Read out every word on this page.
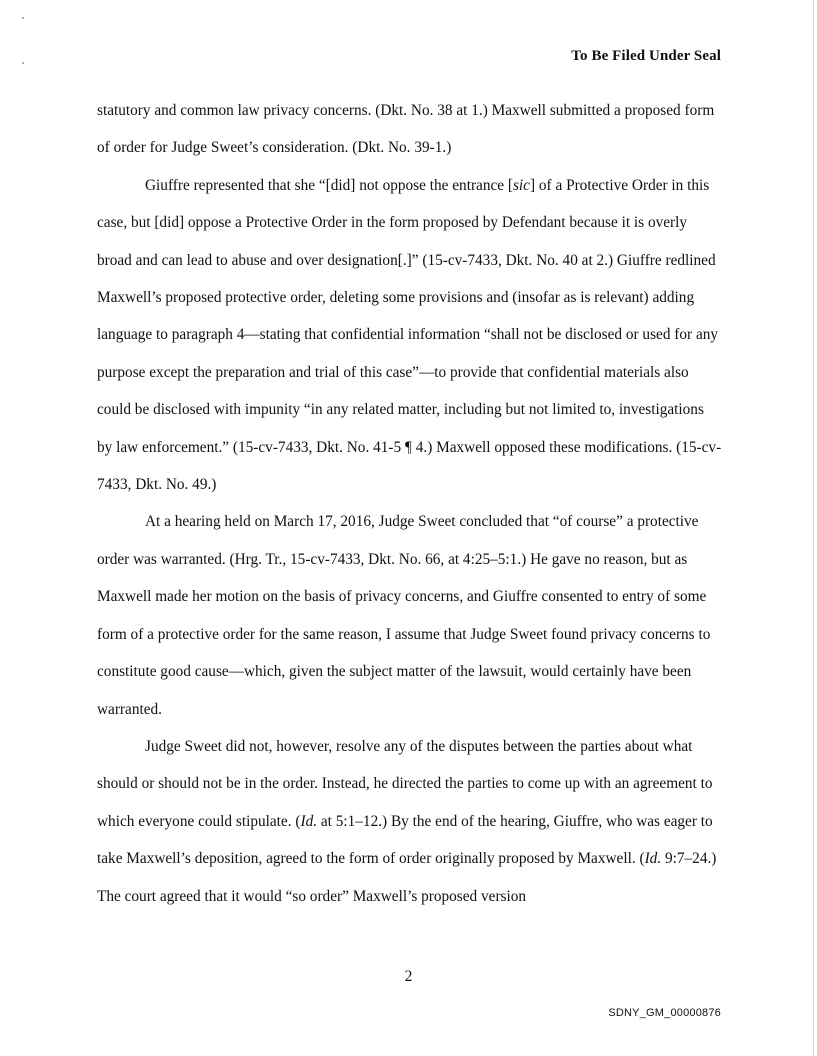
To Be Filed Under Seal

statutory and common law privacy concerns. (Dkt. No. 38 at 1.) Maxwell submitted a proposed form of order for Judge Sweet’s consideration. (Dkt. No. 39-1.)

Giuffre represented that she “[did] not oppose the entrance [sic] of a Protective Order in this case, but [did] oppose a Protective Order in the form proposed by Defendant because it is overly broad and can lead to abuse and over designation[.]” (15-cv-7433, Dkt. No. 40 at 2.) Giuffre redlined Maxwell’s proposed protective order, deleting some provisions and (insofar as is relevant) adding language to paragraph 4—stating that confidential information “shall not be disclosed or used for any purpose except the preparation and trial of this case”—to provide that confidential materials also could be disclosed with impunity “in any related matter, including but not limited to, investigations by law enforcement.” (15-cv-7433, Dkt. No. 41-5 ¶ 4.) Maxwell opposed these modifications. (15-cv-7433, Dkt. No. 49.)

At a hearing held on March 17, 2016, Judge Sweet concluded that “of course” a protective order was warranted. (Hrg. Tr., 15-cv-7433, Dkt. No. 66, at 4:25–5:1.) He gave no reason, but as Maxwell made her motion on the basis of privacy concerns, and Giuffre consented to entry of some form of a protective order for the same reason, I assume that Judge Sweet found privacy concerns to constitute good cause—which, given the subject matter of the lawsuit, would certainly have been warranted.

Judge Sweet did not, however, resolve any of the disputes between the parties about what should or should not be in the order. Instead, he directed the parties to come up with an agreement to which everyone could stipulate. (Id. at 5:1–12.) By the end of the hearing, Giuffre, who was eager to take Maxwell’s deposition, agreed to the form of order originally proposed by Maxwell. (Id. 9:7–24.) The court agreed that it would “so order” Maxwell’s proposed version

2
SDNY_GM_00000876
